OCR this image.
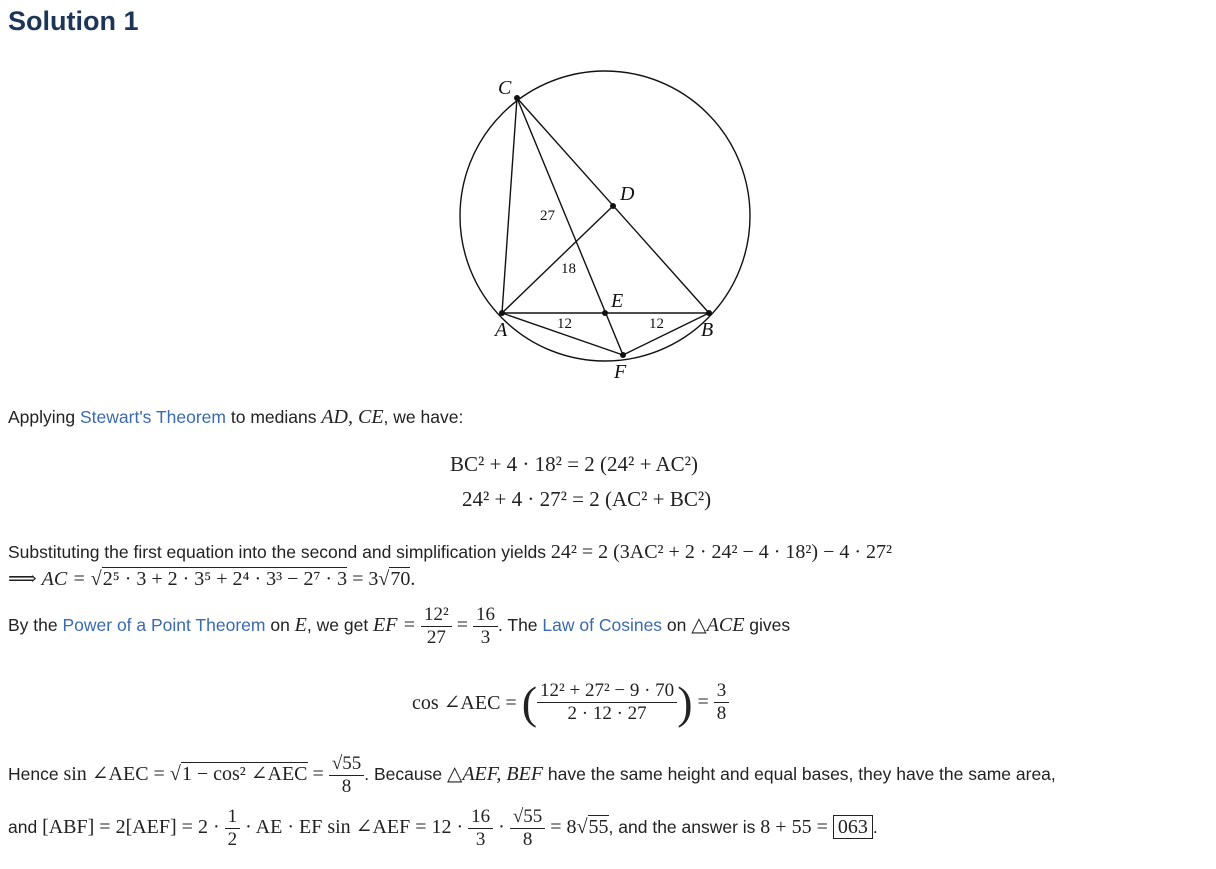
Solution 1
C
D
E
A	B
F
27
18
12	12
Applying Stewart's Theorem to medians AD, CE, we have:
BC² + 4 · 18² = 2 (24² + AC²)
24² + 4 · 27² = 2 (AC² + BC²)
Substituting the first equation into the second and simplification yields 24² = 2 (3AC² + 2 · 24² − 4 · 18²) − 4 · 27²
⟹ AC = √2⁵ · 3 + 2 · 3⁵ + 2⁴ · 3³ − 2⁷ · 3 = 3√70.
By the Power of a Point Theorem on E, we get EF = $\frac{\text{12²}}{27} = \frac{16}{3}$ . The Law of Cosines on △ACE gives
cos ∠AEC = ( $\frac{\text{12² + 27² − 9 · 70}}{2 \cdot 12 \cdot 27}$ ) = $\frac{3}{8}$
Hence sin ∠AEC = √1 − cos² ∠AEC = $\frac{√55}{8}$ . Because △AEF, BEF have the same height and equal bases, they have the same area,
and $[ABF] = 2[AEF] = 2 \cdot \frac{1}{2}$ · AE · EF sin ∠AEF = $12 \cdot \frac{16}{3} \cdot \frac{√55}{8} = 8√55$, and the answer is 8 + 55 = 063 .
